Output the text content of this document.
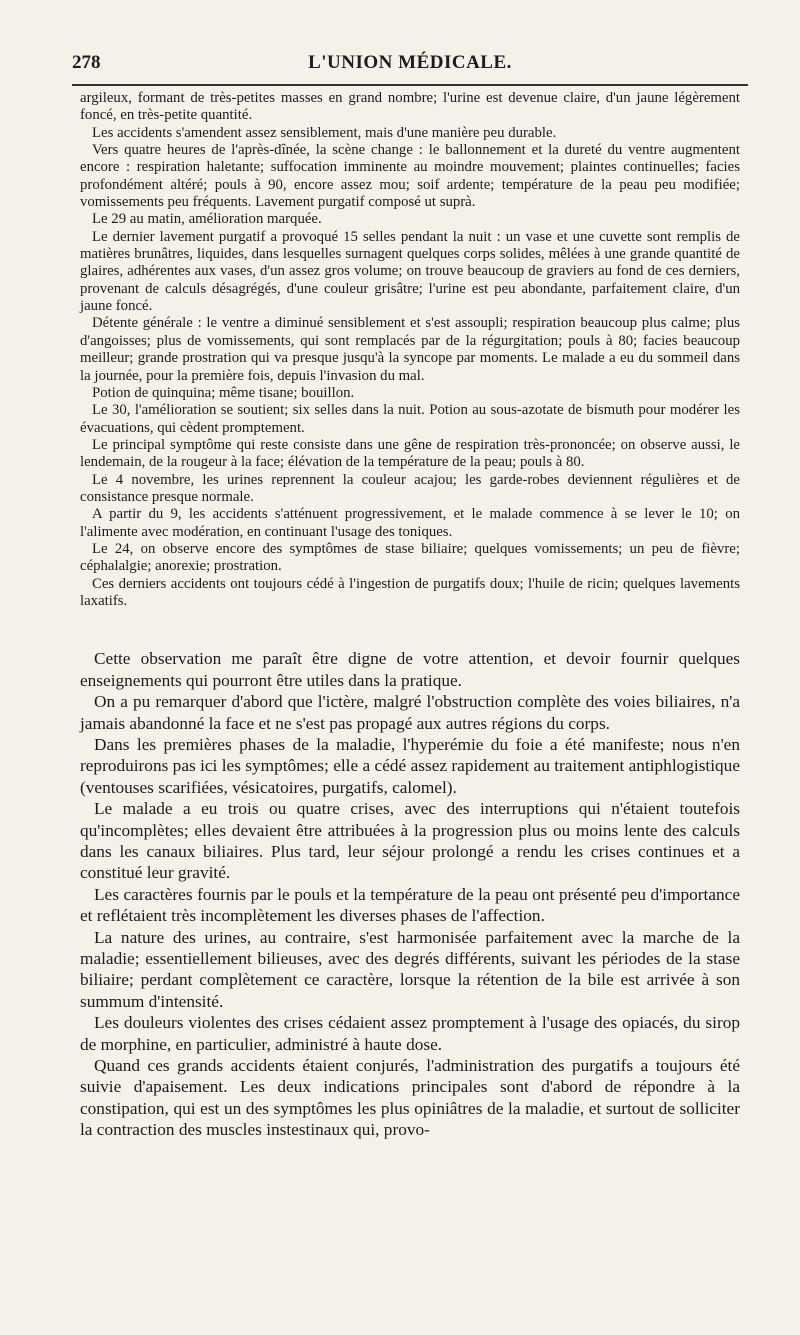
278	L'UNION MÉDICALE.

argileux, formant de très-petites masses en grand nombre; l'urine est devenue claire, d'un jaune légèrement foncé, en très-petite quantité.

Les accidents s'amendent assez sensiblement, mais d'une manière peu durable.

Vers quatre heures de l'après-dînée, la scène change : le ballonnement et la dureté du ventre augmentent encore : respiration haletante; suffocation imminente au moindre mouvement; plaintes continuelles; facies profondément altéré; pouls à 90, encore assez mou; soif ardente; température de la peau peu modifiée; vomissements peu fréquents. Lavement purgatif composé ut suprà.

Le 29 au matin, amélioration marquée.

Le dernier lavement purgatif a provoqué 15 selles pendant la nuit : un vase et une cuvette sont remplis de matières brunâtres, liquides, dans lesquelles surnagent quelques corps solides, mêlées à une grande quantité de glaires, adhérentes aux vases, d'un assez gros volume; on trouve beaucoup de graviers au fond de ces derniers, provenant de calculs désagrégés, d'une couleur grisâtre; l'urine est peu abondante, parfaitement claire, d'un jaune foncé.

Détente générale : le ventre a diminué sensiblement et s'est assoupli; respiration beaucoup plus calme; plus d'angoisses; plus de vomissements, qui sont remplacés par de la régurgitation; pouls à 80; facies beaucoup meilleur; grande prostration qui va presque jusqu'à la syncope par moments. Le malade a eu du sommeil dans la journée, pour la première fois, depuis l'invasion du mal.

Potion de quinquina; même tisane; bouillon.

Le 30, l'amélioration se soutient; six selles dans la nuit. Potion au sous-azotate de bismuth pour modérer les évacuations, qui cèdent promptement.

Le principal symptôme qui reste consiste dans une gêne de respiration très-prononcée; on observe aussi, le lendemain, de la rougeur à la face; élévation de la température de la peau; pouls à 80.

Le 4 novembre, les urines reprennent la couleur acajou; les garde-robes deviennent régulières et de consistance presque normale.

A partir du 9, les accidents s'atténuent progressivement, et le malade commence à se lever le 10; on l'alimente avec modération, en continuant l'usage des toniques.

Le 24, on observe encore des symptômes de stase biliaire; quelques vomissements; un peu de fièvre; céphalalgie; anorexie; prostration.

Ces derniers accidents ont toujours cédé à l'ingestion de purgatifs doux; l'huile de ricin; quelques lavements laxatifs.

Cette observation me paraît être digne de votre attention, et devoir fournir quelques enseignements qui pourront être utiles dans la pratique.

On a pu remarquer d'abord que l'ictère, malgré l'obstruction complète des voies biliaires, n'a jamais abandonné la face et ne s'est pas propagé aux autres régions du corps.

Dans les premières phases de la maladie, l'hyperémie du foie a été manifeste; nous n'en reproduirons pas ici les symptômes; elle a cédé assez rapidement au traitement antiphlogistique (ventouses scarifiées, vésicatoires, purgatifs, calomel).

Le malade a eu trois ou quatre crises, avec des interruptions qui n'étaient toutefois qu'incomplètes; elles devaient être attribuées à la progression plus ou moins lente des calculs dans les canaux biliaires. Plus tard, leur séjour prolongé a rendu les crises continues et a constitué leur gravité.

Les caractères fournis par le pouls et la température de la peau ont présenté peu d'importance et reflétaient très incomplètement les diverses phases de l'affection.

La nature des urines, au contraire, s'est harmonisée parfaitement avec la marche de la maladie; essentiellement bilieuses, avec des degrés différents, suivant les périodes de la stase biliaire; perdant complètement ce caractère, lorsque la rétention de la bile est arrivée à son summum d'intensité.

Les douleurs violentes des crises cédaient assez promptement à l'usage des opiacés, du sirop de morphine, en particulier, administré à haute dose.

Quand ces grands accidents étaient conjurés, l'administration des purgatifs a toujours été suivie d'apaisement. Les deux indications principales sont d'abord de répondre à la constipation, qui est un des symptômes les plus opiniâtres de la maladie, et surtout de solliciter la contraction des muscles instestinaux qui, provo-
